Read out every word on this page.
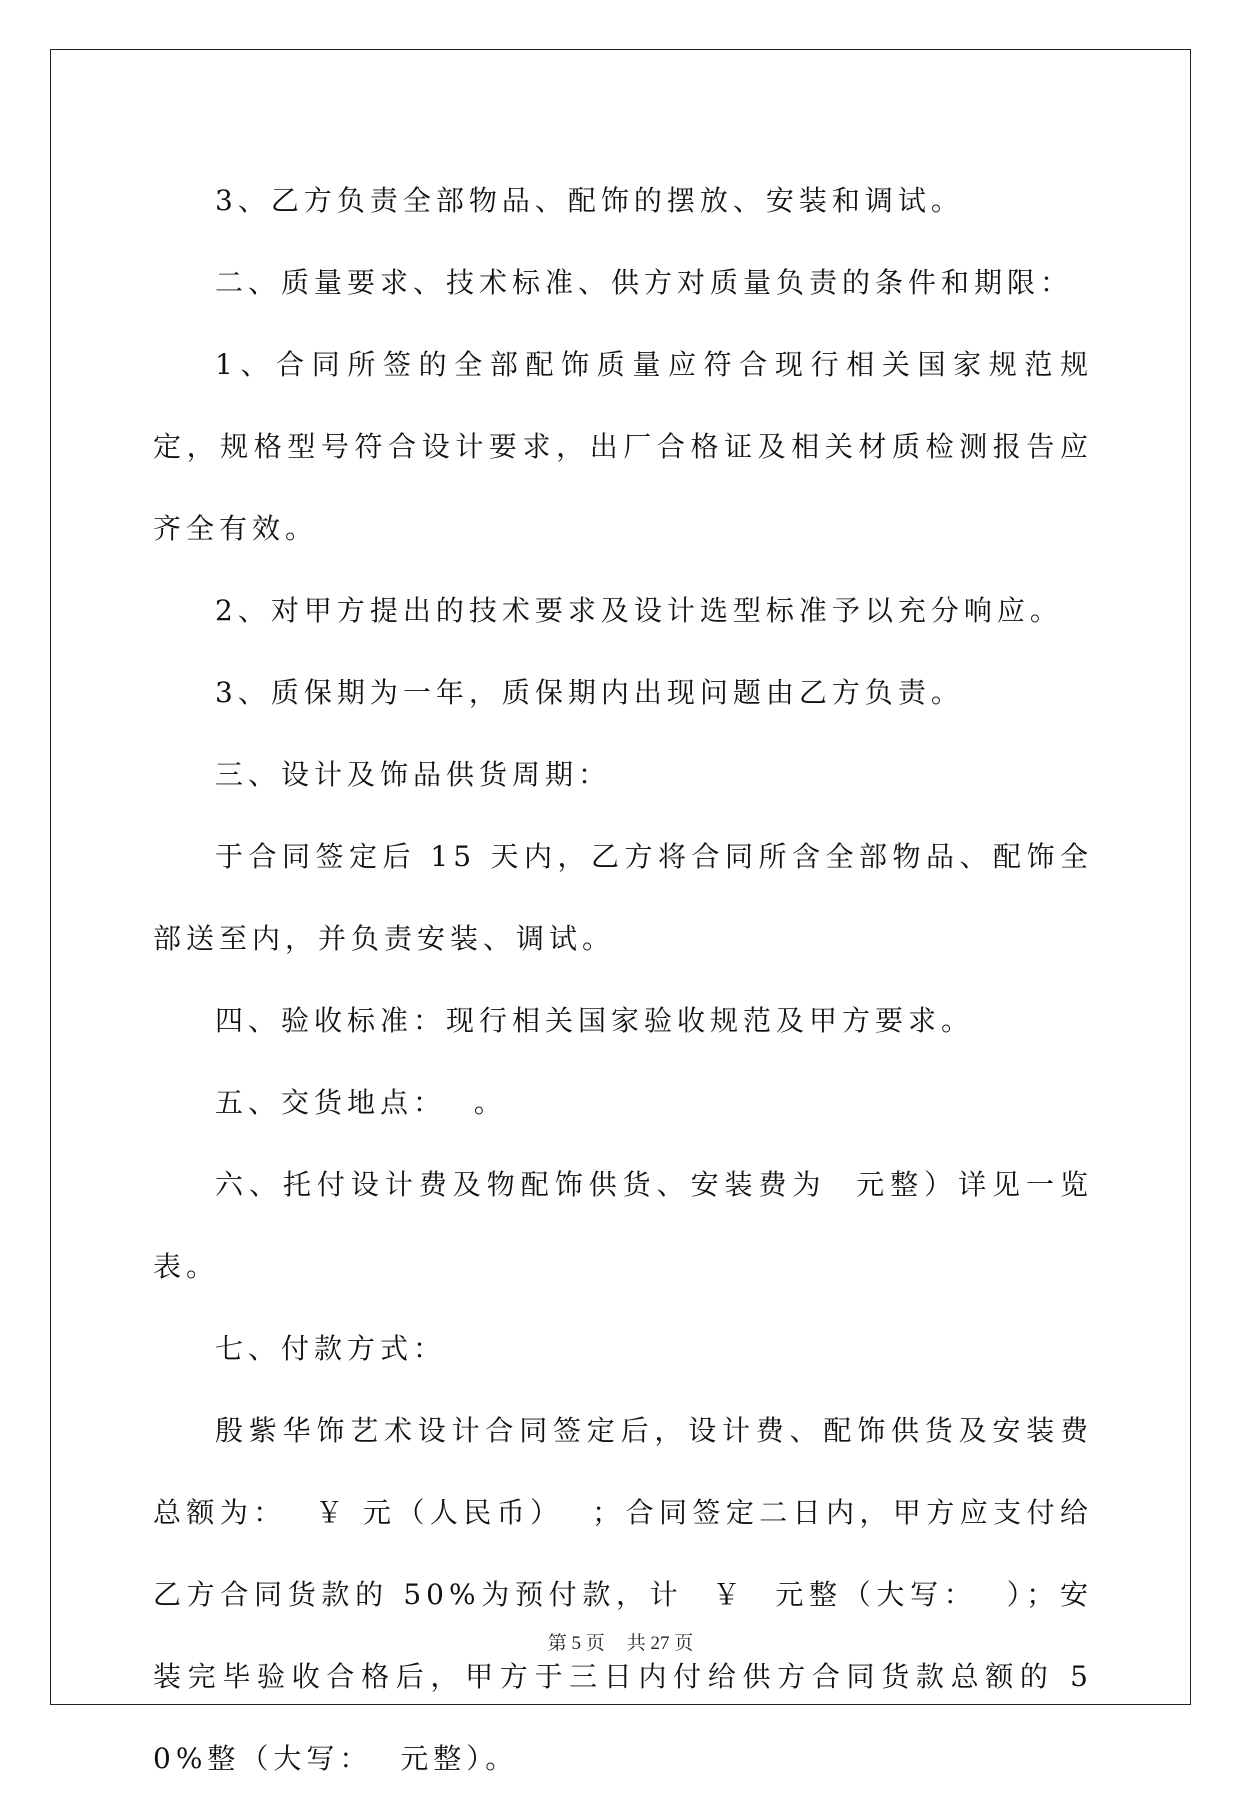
3、乙方负责全部物品、配饰的摆放、安装和调试。

二、质量要求、技术标准、供方对质量负责的条件和期限：

1、合同所签的全部配饰质量应符合现行相关国家规范规定，规格型号符合设计要求，出厂合格证及相关材质检测报告应齐全有效。

2、对甲方提出的技术要求及设计选型标准予以充分响应。

3、质保期为一年，质保期内出现问题由乙方负责。

三、设计及饰品供货周期：

于合同签定后 15 天内，乙方将合同所含全部物品、配饰全部送至内，并负责安装、调试。

四、验收标准：现行相关国家验收规范及甲方要求。

五、交货地点：  。

六、托付设计费及物配饰供货、安装费为  元整）详见一览表。

七、付款方式：

殷紫华饰艺术设计合同签定后，设计费、配饰供货及安装费总额为：  ￥ 元（人民币）  ；合同签定二日内，甲方应支付给乙方合同货款的 50%为预付款，计  ￥  元整（大写：  ）；安装完毕验收合格后，甲方于三日内付给供方合同货款总额的 50%整（大写：  元整）。

第 5 页 共 27 页
